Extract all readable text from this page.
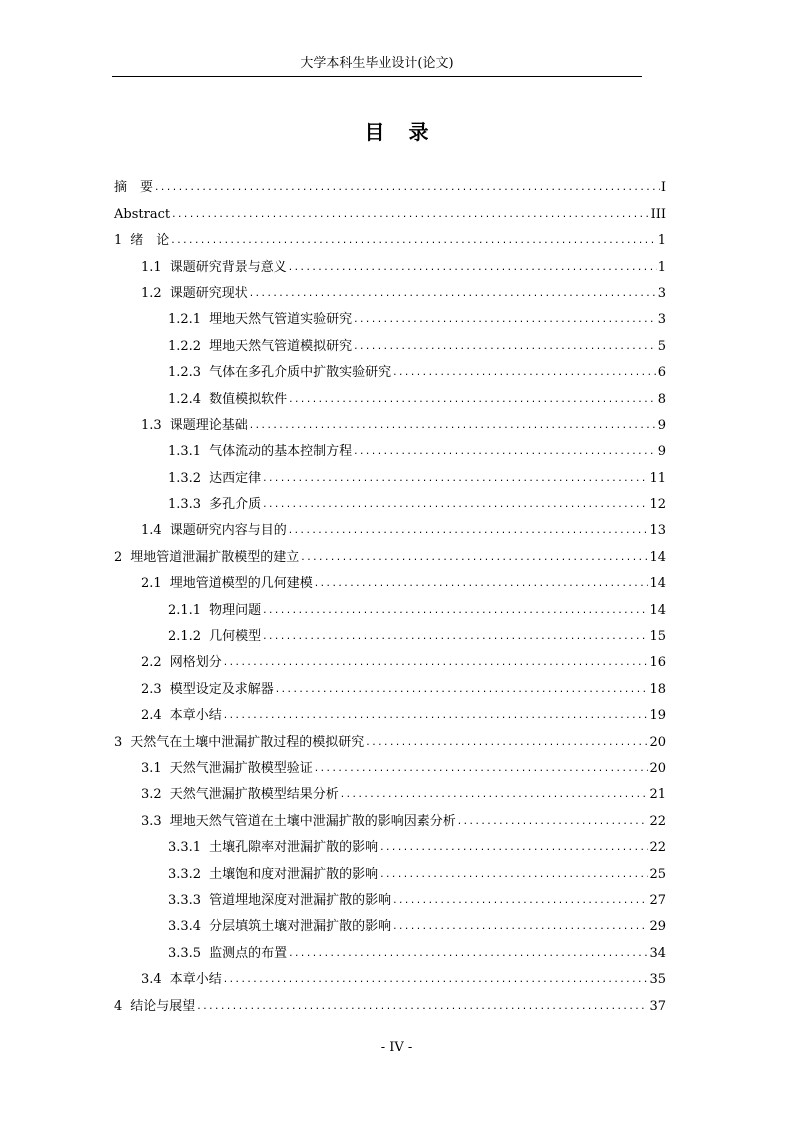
大学本科生毕业设计(论文)
目录
摘　要 .....	I
Abstract .....	III
1 绪　论 .....	1
1.1 课题研究背景与意义 .....	1
1.2 课题研究现状 .....	3
1.2.1 埋地天然气管道实验研究 .....	3
1.2.2 埋地天然气管道模拟研究 .....	5
1.2.3 气体在多孔介质中扩散实验研究 .....	6
1.2.4 数值模拟软件 .....	8
1.3 课题理论基础 .....	9
1.3.1 气体流动的基本控制方程 .....	9
1.3.2 达西定律 .....	11
1.3.3 多孔介质 .....	12
1.4 课题研究内容与目的 .....	13
2 埋地管道泄漏扩散模型的建立 .....	14
2.1 埋地管道模型的几何建模 .....	14
2.1.1 物理问题 .....	14
2.1.2 几何模型 .....	15
2.2 网格划分 .....	16
2.3 模型设定及求解器 .....	18
2.4 本章小结 .....	19
3 天然气在土壤中泄漏扩散过程的模拟研究 .....	20
3.1 天然气泄漏扩散模型验证 .....	20
3.2 天然气泄漏扩散模型结果分析 .....	21
3.3 埋地天然气管道在土壤中泄漏扩散的影响因素分析 .....	22
3.3.1 土壤孔隙率对泄漏扩散的影响 .....	22
3.3.2 土壤饱和度对泄漏扩散的影响 .....	25
3.3.3 管道埋地深度对泄漏扩散的影响 .....	27
3.3.4 分层填筑土壤对泄漏扩散的影响 .....	29
3.3.5 监测点的布置 .....	34
3.4 本章小结 .....	35
4 结论与展望 .....	37
- IV -
